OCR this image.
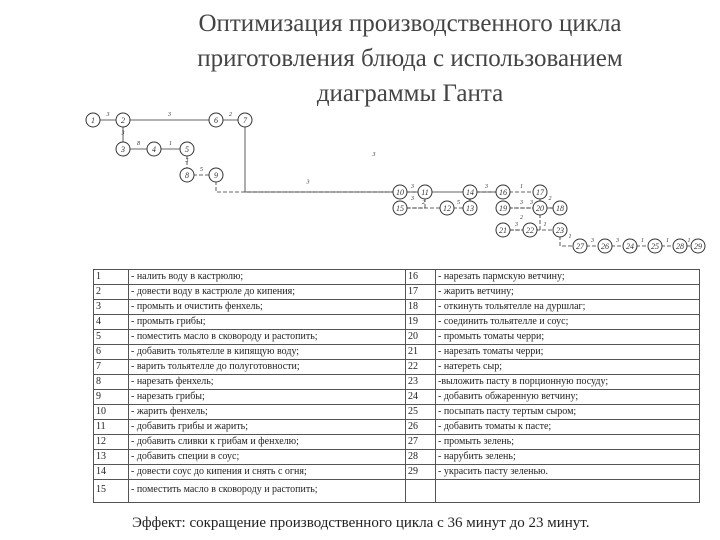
Оптимизация производственного цикла
приготовления блюда с использованием
диаграммы Ганта
3	3	2
3
3
8	1
3
5
3
3
3
2	5
3	1
2
3
3
2
3	1
1
3	3	1	1	1
1	2
3	4	5
6	7
8	9
10 11
12 13
14
15
16	17
18
19	20
21 22	23
24 25
26
27	28 29
1	- налить воду в кастрюлю;	16	- нарезать пармскую ветчину;
2	- довести воду в кастрюле до кипения;	17	- жарить ветчину;
3	- промыть и очистить фенхель;	18	- откинуть тольятелле на дуршлаг;
4	- промыть грибы;	19	- соединить тольятелле и соус;
5	- поместить масло в сковороду и растопить;	20	- промыть томаты черри;
6	- добавить тольятелле в кипящую воду;	21	- нарезать томаты черри;
7	- варить тольятелле до полуготовности;	22	- натереть сыр;
8	- нарезать фенхель;	23	-выложить пасту в порционную посуду;
9	- нарезать грибы;	24	- добавить обжаренную ветчину;
10	- жарить фенхель;	25	- посыпать пасту тертым сыром;
11	- добавить грибы и жарить;	26	- добавить томаты к пасте;
12	- добавить сливки к грибам и фенхелю;	27	- промыть зелень;
13	- добавить специи в соус;	28	- нарубить зелень;
14	- довести соус до кипения и снять с огня;	29	- украсить пасту зеленью.
15	- поместить масло в сковороду и растопить;		
Эффект: сокращение производственного цикла с 36 минут до 23 минут.
